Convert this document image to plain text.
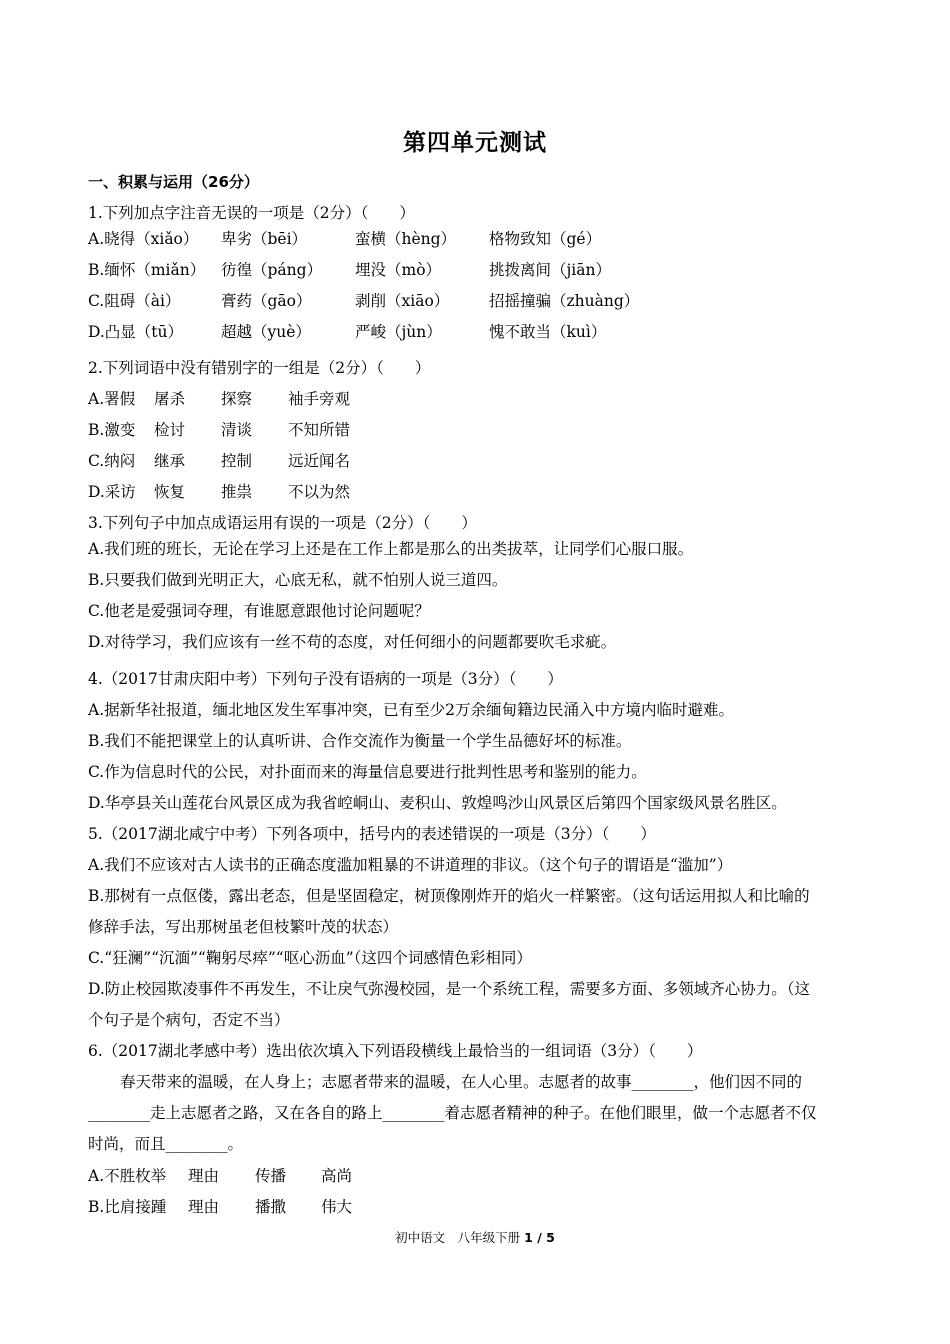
第四单元测试
一、积累与运用（26分）
1.下列加点字注音无误的一项是（2分）（　　）
A.晓得（xiǎo） 卑劣（bēi）	蛮横（hèng） 格物致知（gé）
B.缅怀（miǎn） 彷徨（páng） 埋没（mò）	挑拨离间（jiān）
C.阻碍（ài）	膏药（gāo）	剥削（xiāo）	招摇撞骗（zhuàng）
D.凸显（tū） 超越（yuè）	严峻（jùn）	愧不敢当（kuì）
2.下列词语中没有错别字的一组是（2分）（　　）
A.署假 屠杀 探察 袖手旁观
B.激变 检讨 清谈 不知所错
C.纳闷 继承 控制 远近闻名
D.采访 恢复 推祟 不以为然
3.下列句子中加点成语运用有误的一项是（2分）（　　）
A.我们班的班长，无论在学习上还是在工作上都是那么的出类拔萃，让同学们心服口服。
B.只要我们做到光明正大，心底无私，就不怕别人说三道四。
C.他老是爱强词夺理，有谁愿意跟他讨论问题呢？
D.对待学习，我们应该有一丝不苟的态度，对任何细小的问题都要吹毛求疵。
4.（2017甘肃庆阳中考）下列句子没有语病的一项是（3分）（　　）
A.据新华社报道，缅北地区发生军事冲突，已有至少2万余缅甸籍边民涌入中方境内临时避难。
B.我们不能把课堂上的认真听讲、合作交流作为衡量一个学生品德好坏的标准。
C.作为信息时代的公民，对扑面而来的海量信息要进行批判性思考和鉴别的能力。
D.华亭县关山莲花台风景区成为我省崆峒山、麦积山、敦煌鸣沙山风景区后第四个国家级风景名胜区。
5.（2017湖北咸宁中考）下列各项中，括号内的表述错误的一项是（3分）（　　）
A.我们不应该对古人读书的正确态度滥加粗暴的不讲道理的非议。（这个句子的谓语是“滥加”）
B.那树有一点伛偻，露出老态，但是坚固稳定，树顶像刚炸开的焰火一样繁密。（这句话运用拟人和比喻的
修辞手法，写出那树虽老但枝繁叶茂的状态）
C.“狂澜”“沉湎”“鞠躬尽瘁”“呕心沥血”（这四个词感情色彩相同）
D.防止校园欺凌事件不再发生，不让戾气弥漫校园，是一个系统工程，需要多方面、多领域齐心协力。（这
个句子是个病句，否定不当）
6.（2017湖北孝感中考）选出依次填入下列语段横线上最恰当的一组词语（3分）（　　）
春天带来的温暖，在人身上；志愿者带来的温暖，在人心里。志愿者的故事________，他们因不同的
________走上志愿者之路，又在各自的路上________着志愿者精神的种子。在他们眼里，做一个志愿者不仅
时尚，而且________。
A.不胜枚举 理由 传播 高尚
B.比肩接踵 理由 播撒 伟大
初中语文　八年级下册 1 / 5
